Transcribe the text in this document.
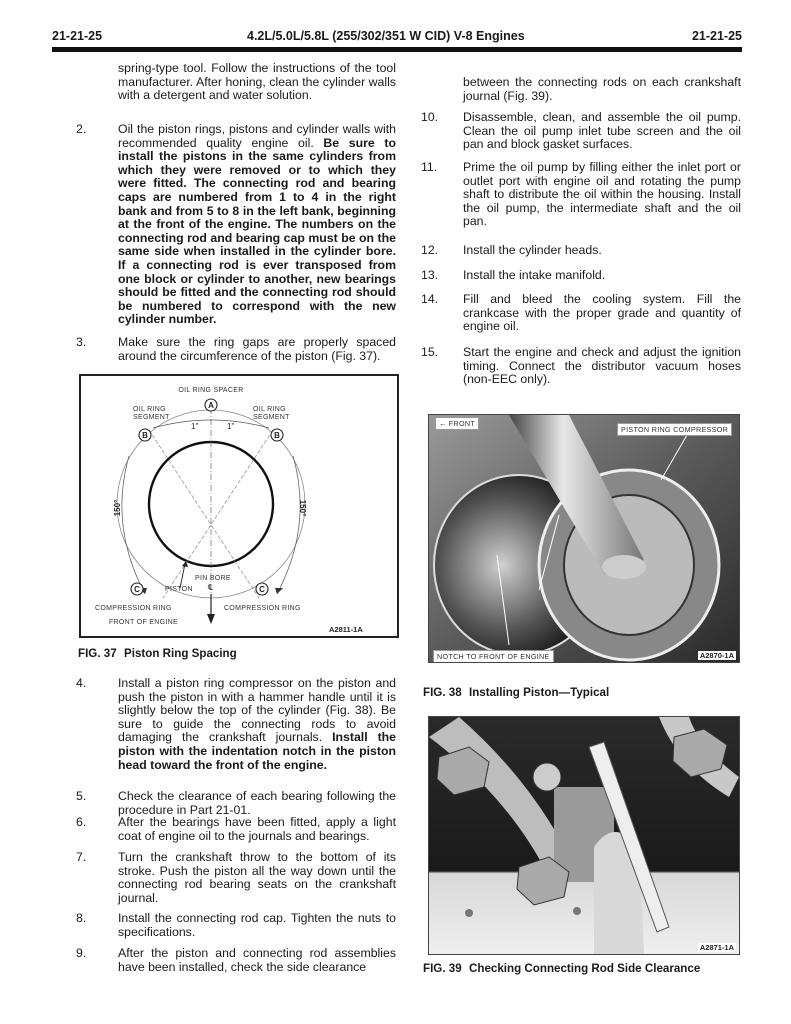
21-21-25	4.2L/5.0L/5.8L (255/302/351 W CID) V-8 Engines	21-21-25
spring-type tool. Follow the instructions of the tool manufacturer. After honing, clean the cylinder walls with a detergent and water solution.
2.	Oil the piston rings, pistons and cylinder walls with recommended quality engine oil. Be sure to install the pistons in the same cylinders from which they were removed or to which they were fitted. The connecting rod and bearing caps are numbered from 1 to 4 in the right bank and from 5 to 8 in the left bank, beginning at the front of the engine. The numbers on the connecting rod and bearing cap must be on the same side when installed in the cylinder bore. If a connecting rod is ever transposed from one block or cylinder to another, new bearings should be fitted and the connecting rod should be numbered to correspond with the new cylinder number.
3.	Make sure the ring gaps are properly spaced around the circumference of the piston (Fig. 37).
4.	Install a piston ring compressor on the piston and push the piston in with a hammer handle until it is slightly below the top of the cylinder (Fig. 38). Be sure to guide the connecting rods to avoid damaging the crankshaft journals. Install the piston with the indentation notch in the piston head toward the front of the engine.
5.	Check the clearance of each bearing following the procedure in Part 21-01.
6.	After the bearings have been fitted, apply a light coat of engine oil to the journals and bearings.
7.	Turn the crankshaft throw to the bottom of its stroke. Push the piston all the way down until the connecting rod bearing seats on the crankshaft journal.
8.	Install the connecting rod cap. Tighten the nuts to specifications.
9.	After the piston and connecting rod assemblies have been installed, check the side clearance
A
B	B
C	C
OIL RING SPACER
OIL RING
SEGMENT
OIL RING
SEGMENT
1"	1"
150°	150°
PIN BORE
℄
PISTON
COMPRESSION RING	COMPRESSION RING
FRONT OF ENGINE
A2811-1A
FIG. 37 Piston Ring Spacing
between the connecting rods on each crankshaft journal (Fig. 39).
10.	Disassemble, clean, and assemble the oil pump. Clean the oil pump inlet tube screen and the oil pan and block gasket surfaces.
11.	Prime the oil pump by filling either the inlet port or outlet port with engine oil and rotating the pump shaft to distribute the oil within the housing. Install the oil pump, the intermediate shaft and the oil pan.
12.	Install the cylinder heads.
13.	Install the intake manifold.
14.	Fill and bleed the cooling system. Fill the crankcase with the proper grade and quantity of engine oil.
15.	Start the engine and check and adjust the ignition timing. Connect the distributor vacuum hoses (non-EEC only).
← FRONT
PISTON RING COMPRESSOR
NOTCH TO FRONT OF ENGINE	A2870-1A
FIG. 38 Installing Piston—Typical
A2871-1A
FIG. 39 Checking Connecting Rod Side Clearance
